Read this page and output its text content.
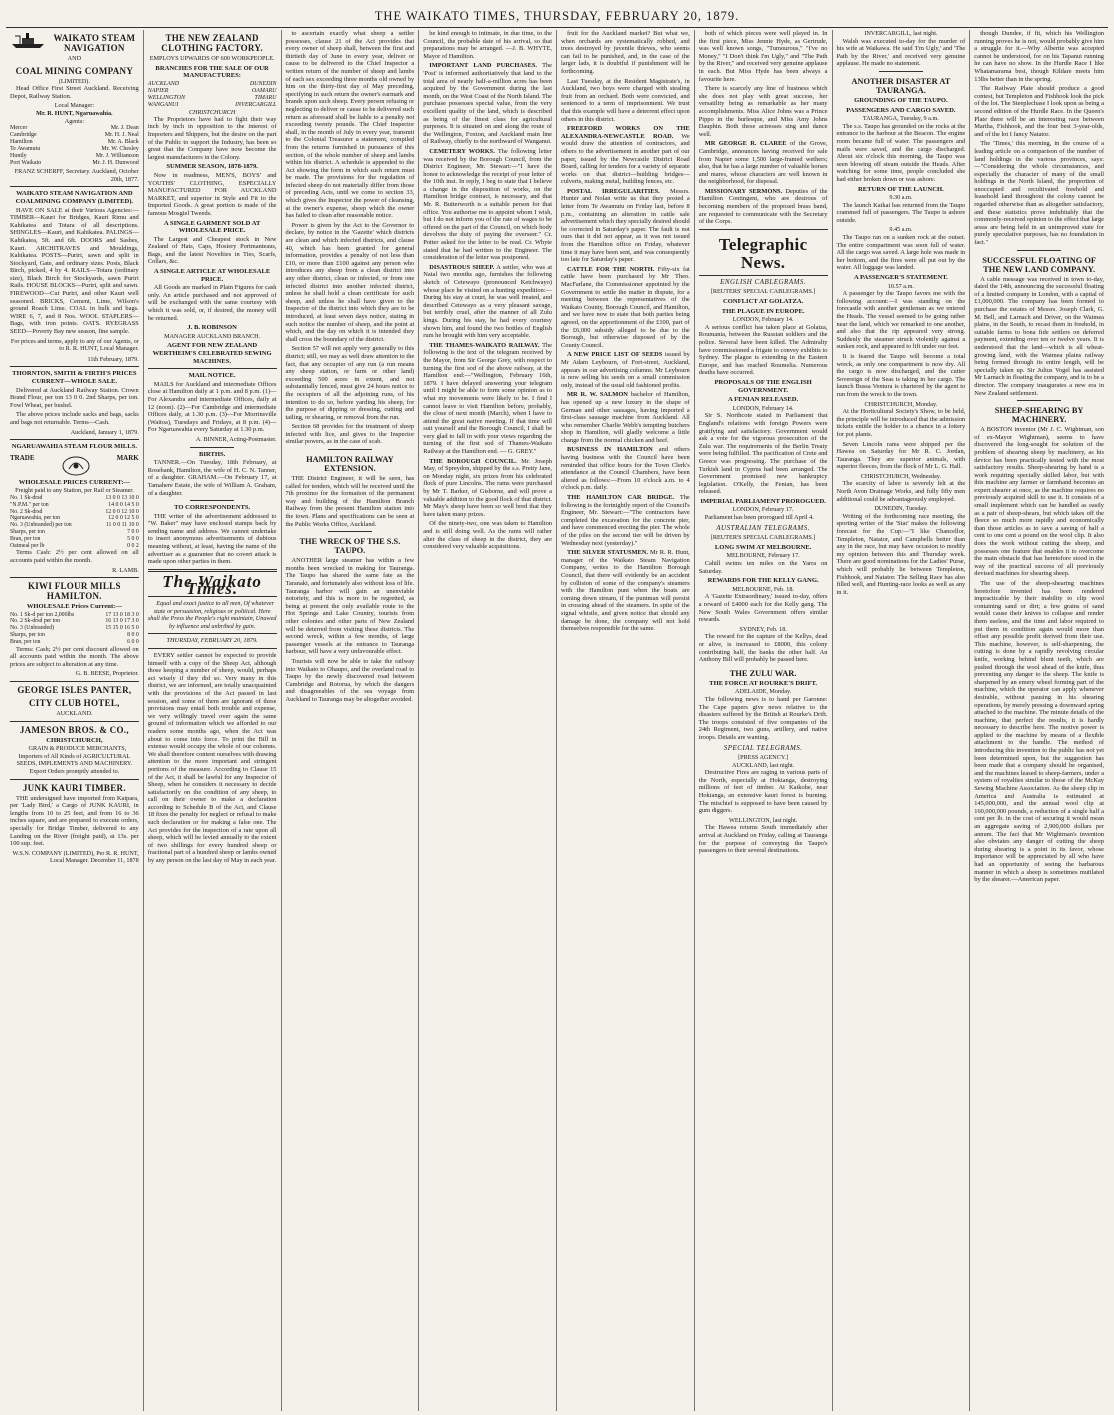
THE WAIKATO TIMES, THURSDAY, FEBRUARY 20, 1879.
WAIKATO STEAM NAVIGATION
AND
COAL MINING COMPANY
(LIMITED).

Head Office First Street Auckland. Receiving Depot, Railway Station.

Local Manager:
Mr. R. HUNT, Ngaruawahia.
Agents:
Mercer	Mr. J. Dean
Cambridge	Mr. H. J. Neal
Hamilton	Mr. A. Black
Te Awamutu	Mr. W. Chesley
Huntly	Mr. J. Williamson
Port Waikato	Mr. J. H. Dunwood
FRANZ SCHERFF, Secretary. Auckland, October 20th, 1877.
WAIKATO STEAM NAVIGATION AND COALMINING COMPANY (LIMITED).

HAVE ON SALE at their Various Agencies:— TIMBER—Kauri for Bridges, Kauri Rimu and Kahikatea and Totara of all descriptions. SHINGLES—Kauri, and Kahikatea. PALINGS—Kahikatea, 5ft. and 6ft. DOORS and Sashes, Kauri. ARCHITRAVES and Mouldings, Kahikatea. POSTS—Puriri, sawn and split in Stockyard, Gate, and ordinary sizes. Posts, Black Birch, picked, 4 by 4. RAILS—Totara (ordinary size), Black Birch for Stockyards, sawn Puriri Rails. HOUSE BLOCKS—Puriri, split and sawn. FIREWOOD—Cut Puriri, and other Kauri well seasoned. BRICKS, Cement, Lime, Wilson's ground Roach Lime. COAL in bulk and bags. WIRE 6, 7, and 8 Nos. WOOL STAPLERS—Bags, with iron points. OATS. RYEGRASS SEED—Poverty Bay new season, fine sample.

For prices and terms, apply to any of our Agents, or to R. R. HUNT, Local Manager.
11th February, 1879.
THORNTON, SMITH & FIRTH'S PRICES CURRENT—WHOLE SALE.

Delivered at Auckland Railway Station. Crown Brand Flour, per ton 13 0 0. 2nd Sharps, per ton. Fowl Wheat, per bushel.

The above prices include sacks and bags, sacks and bags not returnable. Terms—Cash.

Auckland, January 1, 1879.
NGARUAWAHIA STEAM FLOUR MILLS.
TRADE	MARK
WHOLESALE PRICES CURRENT:—
Freight paid to any Station, per Rail or Steamer.
No. 1 Sk-drsd	13 0 0 13 10 0
"N.P.M." per ton	14 0 0 14 5 0
No. 2 Sk-drsd	12 0 0 12 10 0
Ngaruawahia, per ton	12 0 0 12 5 0
No. 3 (Unbranded) per ton	11 0 0 11 10 0
Sharps, per ton	7 0 0
Bran, per ton	5 0 0
Oatmeal per lb	0 0 2

Terms Cash: 2½ per cent allowed on all accounts paid within the month.

R. LAMB.
KIWI FLOUR MILLS HAMILTON.
WHOLESALE Prices Current:—
No. 1 Sk-d per ton 2,000lbs	17 13 0 18 3 0
No. 2 Sk-drsd per ton	16 13 0 17 3 0
No. 3 (Unbranded)	15 15 0 16 5 0
Sharps, per ton	8 0 0
Bran, per ton	6 0 0

Terms: Cash; 2½ per cent discount allowed on all accounts paid within the month. The above prices are subject to alteration at any time.

G. B. BEESE, Proprietor.
GEORGE ISLES PANTER,
CITY CLUB HOTEL,
AUCKLAND.
JAMESON BROS. & CO.,
CHRISTCHURCH,

GRAIN & PRODUCE MERCHANTS, Importers of All Kinds of AGRICULTURAL SEEDS, IMPLEMENTS AND MACHINERY. Export Orders promptly attended to.

JUNK KAURI TIMBER.

THE undersigned have imported from Kaipara, per 'Lady Bird,' a Cargo of JUNK KAURI, in lengths from 10 to 25 feet, and from 16 to 36 inches square, and are prepared to execute orders, specially for Bridge Timber, delivered to any Landing on the River (freight paid), at 13s. per 100 sup. feet.

W.S.N. COMPANY (LIMITED), Per R. R. HUNT, Local Manager. December 11, 1878
THE NEW ZEALAND CLOTHING FACTORY.
EMPLOYS UPWARDS OF 600 WORKPEOPLE.
BRANCHES FOR THE SALE OF OUR MANUFACTURES:
AUCKLAND	DUNEDIN
NAPIER	OAMARU
WELLINGTON	TIMARU
WANGANUI	INVERCARGILL
CHRISTCHURCH

The Proprietors have had to fight their way inch by inch in opposition to the interest of Importers and Shippers, but the desire on the part of the Public to support the Industry, has been so great that the Company have now become the largest manufacturers in the Colony.

SUMMER SEASON, 1878-1879.

Now in readiness, MEN'S, BOYS' and YOUTHS' CLOTHING, ESPECIALLY MANUFACTURED FOR AUCKLAND MARKET, and superior in Style and Fit to the Imported Goods. A great portion is made of the famous Mosgiel Tweeds.

A SINGLE GARMENT SOLD AT WHOLESALE PRICE.

The Largest and Cheapest stock in New Zealand of Hats, Caps, Hosiery Portmanteaus, Bags, and the latest Novelties in Ties, Scarfs, Collars, &c.

A SINGLE ARTICLE AT WHOLESALE PRICE.

All Goods are marked in Plain Figures for cash only. An article purchased and not approved of will be exchanged with the same courtesy with which it was sold, or, if desired, the money will be returned.

J. B. ROBINSON
MANAGER AUCKLAND BRANCH.
AGENT FOR NEW ZEALAND WERTHEIM'S CELEBRATED SEWING MACHINES.
MAIL NOTICE.

MAILS for Auckland and intermediate Offices close at Hamilton daily at 1 p.m. and 8 p.m. (1)—For Alexandra and intermediate Offices, daily at 12 (noon). (2)—For Cambridge and intermediate Offices daily, at 1.30 p.m. (3)—For Morrinsville (Waitoa), Tuesdays and Fridays, at 8 p.m. (4)—For Ngaruawahia every Saturday at 1.30 p.m.

A. BINNER, Acting-Postmaster.
BIRTHS.

TANNER.—On Tuesday, 18th February, at Rosebank, Hamilton, the wife of H. C. N. Tanner, of a daughter. GRAHAM.—On February 17, at Tamahere Estate, the wife of William A. Graham, of a daughter.

TO CORRESPONDENTS.

THE writer of the advertisement addressed to "W. Baker" may have enclosed stamps back by sending name and address. We cannot undertake to insert anonymous advertisements of dubious meaning without, at least, having the name of the advertiser as a guarantee that no covert attack is made upon other parties in them.

The Waikato Times.

Equal and exact justice to all men, Of whatever state or persuasion, religious or political. Here shall the Press the People's right maintain, Unawed by influence and unbribed by gain.

THURSDAY, FEBRUARY 20, 1879.

EVERY settler cannot be expected to provide himself with a copy of the Sheep Act, although those keeping a number of sheep, would, perhaps act wisely if they did so. Very many in this district, we are informed, are totally unacquainted with the provisions of the Act passed in last session, and some of them are ignorant of these provisions may entail both trouble and expense, we very willingly travel over again the same ground of information which we afforded to our readers some months ago, when the Act was about to come into force. To print the Bill in extenso would occupy the whole of our columns. We shall therefore content ourselves with drawing attention to the more important and stringent portions of the measure. According to Clause 15 of the Act, it shall be lawful for any Inspector of Sheep, when he considers it necessary to decide satisfactorily on the condition of any sheep, to call on their owner to make a declaration according to Schedule B of the Act, and Clause 18 fixes the penalty for neglect or refusal to make such declaration or for making a false one. The Act provides for the inspection of a rate upon all sheep, which will be levied annually to the extent of two shillings for every hundred sheep or fractional part of a hundred sheep or lambs owned by any person on the last day of May in each year.

to ascertain exactly what sheep a settler possesses, clause 21 of the Act provides that every owner of sheep shall, between the first and thirtieth day of June in every year, deliver or cause to be delivered to the Chief Inspector a written return of the number of sheep and lambs of each sex exceeding three months old owned by him on the thirty-first day of May preceding, specifying in such return the owner's earmark and brands upon such sheep. Every person refusing or neglecting to deliver or cause to be delivered such return as aforesaid shall be liable to a penalty not exceeding twenty pounds. The Chief Inspector shall, in the month of July in every year, transmit to the Colonial Treasurer a statement, compiled from the returns furnished in pursuance of this section, of the whole number of sheep and lambs within his district. A schedule is appended to the Act showing the form in which such return must be made. The provisions for the regulation of infected sheep do not materially differ from those of preceding Acts, until we come to section 33, which gives the Inspector the power of cleansing, at the owner's expense, sheep which the owner has failed to clean after reasonable notice.

Power is given by the Act to the Governor to declare, by notice in the 'Gazette' which districts are clean and which infected districts, and clause 40, which has been granted for general information, provides a penalty of not less than £10, or more than £100 against any person who introduces any sheep from a clean district into any other district, clean or infected, or from one infected district into another infected district, unless he shall hold a clean certificate for such sheep, and unless he shall have given to the Inspector of the district into which they are to be introduced, at least seven days notice, stating in such notice the number of sheep, and the point at which, and the day on which it is intended they shall cross the boundary of the district.

Section 57 will not apply very generally to this district; still, we may as well draw attention to the fact, that any occupier of any run (a run means any sheep station, or farm or other land) exceeding 500 acres in extent, and not substantially fenced, must give 24 hours notice to the occupiers of all the adjoining runs, of his intention to do so, before yarding his sheep, for the purpose of dipping or dressing, cutting and tailing, or shearing, or removal from the run.

Section 68 provides for the treatment of sheep infected with lice, and gives to the Inspector similar powers, as in the case of scab.

HAMILTON RAILWAY EXTENSION.

THE District Engineer, it will be seen, has called for tenders, which will be received until the 7th proximo for the formation of the permanent way and building of the Hamilton Branch Railway from the present Hamilton station into the town. Plans and specifications can be seen at the Public Works Office, Auckland.

THE WRECK OF THE S.S. TAUPO.

ANOTHER large steamer has within a few months been wrecked in making for Tauranga. The Taupo has shared the same fate as the Taranaki, and fortunately also without loss of life. Tauranga harbor will gain an unenviable notoriety, and this is more to be regretted, as being at present the only available route to the Hot Springs and Lake Country, tourists from other colonies and other parts of New Zealand will be deterred from visiting these districts. The second wreck, within a few months, of large passenger vessels at the entrance to Tauranga harbour, will have a very unfavourable effect.

Tourists will now be able to take the railway into Waikato to Ohaupo, and the overland road to Taupo by the newly discovered road between Cambridge and Rotorua, by which the dangers and disagreeables of the sea voyage from Auckland to Tauranga may be altogether avoided.

be kind enough to intimate, in due time, to the Council, the probable date of his arrival, so that preparations may be arranged. —J. B. WHYTE, Mayor of Hamilton.

IMPORTANT LAND PURCHASES. The 'Post' is informed authoritatively that land to the total area of nearly half-a-million acres has been acquired by the Government during the last month, on the West Coast of the North Island. The purchase possesses special value, from the very excellent quality of the land, which is described as being of the finest class for agricultural purposes. It is situated on and along the route of the Wellington, Foxton, and Auckland main line of Railway, chiefly to the northward of Wanganui.

CEMETERY WORKS. The following letter was received by the Borough Council, from the District Engineer, Mr. Stewart:—"I have the honor to acknowledge the receipt of your letter of the 10th inst. In reply, I beg to state that I believe a change in the disposition of works, on the Hamilton bridge contract, is necessary, and that Mr. R. Butterworth is a suitable person for that office. You authorise me to appoint whom I wish, but I do not inform you of the rate of wages to be offered on the part of the Council, on which body devolves the duty of paying the overseer." Cr. Potter asked for the letter to be read. Cr. Whyte stated that he had written to the Engineer. The consideration of the letter was postponed.

DISASTROUS SHEEP. A settler, who was at Natal two months ago, furnishes the following sketch of Cetewayo (pronounced Ketchwayo) whose place he visited on a hunting expedition:—During his stay at court, he was well treated, and described Cetewayo as a very pleasant savage, but terribly cruel, after the manner of all Zulu kings. During his stay, he had every courtesy shown him, and found the two bottles of English rum he brought with him very acceptable.

THE THAMES-WAIKATO RAILWAY. The following is the text of the telegram received by the Mayor, from Sir George Grey, with respect to turning the first sod of the above railway, at the Hamilton end:—"Wellington, February 16th, 1879. I have delayed answering your telegram until I might be able to form some opinion as to what my movements were likely to be. I find I cannot leave to visit Hamilton before, probably, the close of next month (March), when I have to attend the great native meeting. If that time will suit yourself and the Borough Council, I shall be very glad to fall in with your views regarding the turning of the first sod of Thames-Waikato Railway at the Hamilton end. — G. GREY."

THE BOROUGH COUNCIL. Mr. Joseph May, of Spreydon, shipped by the s.s. Pretty Jane, on Monday night, six prizes from his celebrated flock of pure Lincolns. The rams were purchased by Mr T. Barker, of Gisborne, and will prove a valuable addition to the good flock of that district. Mr May's sheep have been so well bred that they have taken many prizes.

Of the ninety-two, one was taken to Hamilton and is still doing well. As the rams will rather alter the class of sheep in the district, they are considered very valuable acquisitions.

fruit for the Auckland market? But what we, when orchards are systematically robbed, and trees destroyed by juvenile thieves, who seems can fail to be punished, and, in the case of the larger lads, it is doubtful if punishment will be forthcoming.

Last Tuesday, at the Resident Magistrate's, in Auckland, two boys were charged with stealing fruit from an orchard. Both were convicted, and sentenced to a term of imprisonment. We trust that this example will have a deterrent effect upon others in this district.

FREEFORD WORKS ON THE ALEXANDRA-NEWCASTLE ROAD. We would draw the attention of contractors, and others to the advertisement in another part of our paper, issued by the Newcastle District Road Board, calling for tenders for a variety of separate works on that district—building bridges—culverts, making metal, building fences, etc.

POSTAL IRREGULARITIES. Messrs. Hunter and Nolan write us that they posted a letter from Te Awamutu on Friday last, before 8 p.m., containing an alteration in cattle sale advertisement which they specially desired should be corrected in Saturday's paper. The fault is not ours that it did not appear, as it was not issued from the Hamilton office on Friday, whatever time it may have been sent, and was consequently too late for Saturday's paper.

CATTLE FOR THE NORTH. Fifty-six fat cattle have been purchased by Mr Theo. MacFarlane, the Commissioner appointed by the Government to settle the matter in dispute, for a meeting between the representatives of the Waikato County, Borough Council, and Hamilton, and we have now to state that both parties being agreed, on the apportionment of the £100, part of the £6,000 subsidy alleged to be due to the Borough, but otherwise disposed of by the County Council.

A NEW PRICE LIST OF SEEDS issued by Mr Adam Leybourn, of Fort-street, Auckland, appears in our advertising columns. Mr Leybourn is now selling his seeds on a small commission only, instead of the usual old fashioned profits.

MR R. W. SALMON bachelor of Hamilton, has opened up a new luxury in the shape of German and other sausages, having imported a first-class sausage machine from Auckland. All who remember Charlie Webb's tempting butchers shop in Hamilton, will gladly welcome a little change from the normal chicken and beef.

BUSINESS IN HAMILTON and others having business with the Council have been reminded that office hours for the Town Clerk's attendance at the Council Chambers, have been altered as follows:—From 10 o'clock a.m. to 4 o'clock p.m. daily.

THE HAMILTON CAR BRIDGE. The following is the fortnightly report of the Council's Engineer, Mr. Stewart:—"The contractors have completed the excavation for the concrete pier, and have commenced erecting the pier. The whole of the piles on the second tier will be driven by Wednesday next (yesterday)."

THE SILVER STATUSMEN. Mr R. R. Hunt, manager of the Waikato Steam Navigation Company, writes to the Hamilton Borough Council, that there will evidently be an accident by collision of some of the company's steamers with the Hamilton punt when the boats are coming down stream, if the puntman will persist in crossing ahead of the steamers. In spite of the signal whistle, and given notice that should any damage be done, the company will not hold themselves responsible for the same.

both of which pieces were well played in. In the first piece, Miss Jennie Hyde, as Gertrude, was well known songs, "Tumourous," "I've no Money," "I Don't think I'm Ugly," and "The Path by the River," and received very genuine applause in each. But Miss Hyde has been always a favourite here.

There is scarcely any line of business which she does not play with great success, her versatility being as remarkable as her many accomplishments. Miss Alice Johns was a Prince Pippo in the burlesque, and Miss Amy Johns Dauphin. Both these actresses sing and dance well.

MR GEORGE R. CLAREE of the Grove, Cambridge, announces having received for sale from Napier some 1,500 large-framed wethers; also, that he has a large number of valuable horses and mares, whose characters are well known in the neighborhood, for disposal.

MISSIONARY SERMONS. Deputies of the Hamilton Contingent, who are desirous of becoming members of the proposed brass band, are requested to communicate with the Secretary of the Corps.

Telegraphic News.
ENGLISH CABLEGRAMS.
[REUTERS' SPECIAL CABLEGRAMS.]
CONFLICT AT GOLATZA.
THE PLAGUE IN EUROPE.
LONDON, February 14.

A serious conflict has taken place at Golatza, Roumania, between the Russian soldiers and the police. Several have been killed. The Admiralty have commissioned a frigate to convey exhibits to Sydney. The plague is extending in the Eastern Europe, and has reached Roumelia. Numerous deaths have occurred.

PROPOSALS OF THE ENGLISH GOVERNMENT.
A FENIAN RELEASED.
LONDON, February 14.

Sir S. Northcote stated in Parliament that England's relations with foreign Powers were gratifying and satisfactory. Government would ask a vote for the vigorous prosecution of the Zulu war. The requirements of the Berlin Treaty were being fulfilled. The pacification of Crete and Greece was progressing. The purchase of the Turkish land in Cyprus had been arranged. The Government promised new bankruptcy legislation. O'Kelly, the Fenian, has been released.

IMPERIAL PARLIAMENT PROROGUED.
LONDON, February 17.

Parliament has been prorogued till April 4.

AUSTRALIAN TELEGRAMS.
[REUTER'S SPECIAL CABLEGRAMS.]
LONG SWIM AT MELBOURNE.
MELBOURNE, February 17.

Cahill swims ten miles on the Yarra on Saturday.

REWARDS FOR THE KELLY GANG.
MELBOURNE, Feb. 18.

A 'Gazette Extraordinary,' issued to-day, offers a reward of £4000 each for the Kelly gang. The New South Wales Government offers similar rewards.

SYDNEY, Feb. 18.

The reward for the capture of the Kellys, dead or alive, is increased to £8000, this colony contributing half, the banks the other half. An Anthony Bill will probably be passed here.

THE ZULU WAR.
THE FORCE AT ROURKE'S DRIFT.
ADELAIDE, Monday.

The following news is to hand per Garonne: The Cape papers give news relative to the disasters suffered by the British at Rourke's Drift. The troops consisted of five companies of the 24th Regiment, two guns, artillery, and native troops. Details are wanting.

SPECIAL TELEGRAMS.
[PRESS AGENCY.]
AUCKLAND, last night.

Destructive Fires are raging in various parts of the North, especially at Hokianga, destroying millions of feet of timber. At Kaikohe, near Hokianga, an extensive kauri forest is burning. The mischief is supposed to have been caused by gum diggers.

WELLINGTON, last night.

The Hawea returns South immediately after arrival at Auckland on Friday, calling at Tauranga for the purpose of conveying the Taupo's passengers to their several destinations.

INVERCARGILL, last night.

Walsh was executed to-day for the murder of his wife at Waikawa. He said 'I'm Ugly,' and 'The Path by the River,' and received very genuine applause. He made no statement.

ANOTHER DISASTER AT TAURANGA.
GROUNDING OF THE TAUPO.
PASSENGERS AND CARGO SAVED.
TAURANGA, Tuesday, 9 a.m.

The s.s. Taupo has grounded on the rocks at the entrance to the harbour at the Beacon. The engine room became full of water. The passengers and mails were saved, and the cargo discharged. About six o'clock this morning, the Taupo was seen blowing off steam outside the Heads. After watching for some time, people concluded she had either broken down or was ashore.

RETURN OF THE LAUNCH.
9.30 a.m.

The launch Kaikai has returned from the Taupo crammed full of passengers. The Taupo is ashore outside.

9.45 a.m.

The Taupo ran on a sunken rock at the outset. The entire compartment was soon full of water. All the cargo was saved. A large hole was made in her bottom, and the fires were all put out by the water. All luggage was landed.

A PASSENGER'S STATEMENT.
10.57 a.m.

A passenger by the Taupo favors me with the following account:—I was standing on the forecastle with another gentleman as we entered the Heads. The vessel seemed to be going rather near the land, which we remarked to one another, and also that the rip appeared very strong. Suddenly the steamer struck violently against a sunken rock, and appeared to lift under our feet.

It is feared the Taupo will become a total wreck, as only one compartment is now dry. All the cargo is now discharged, and the cutter Sovereign of the Seas is taking in her cargo. The launch Bussa Ventura is chartered by the agent to run from the wreck to the town.

CHRISTCHURCH, Monday.

At the Horticultural Society's Show, to be held, the principle will be introduced that the admission tickets entitle the holder to a chance in a lottery for pot plants.

Seven Lincoln rams were shipped per the Hawea on Saturday for Mr R. C. Jordan, Tauranga. They are superior animals, with superior fleeces, from the flock of Mr L. G. Hall.

CHRISTCHURCH, Wednesday.

The scarcity of labor is severely felt at the North Avon Drainage Works, and fully fifty men additional could be advantageously employed.

DUNEDIN, Tuesday.

Writing of the forthcoming race meeting, the sporting writer of the 'Star' makes the following forecast for the Cup:—"I like Chancellor, Templeton, Natator, and Campbells better than any in the race, but may have occasion to modify my opinion between this and Thursday week. There are good nominations for the Ladies' Purse, which will probably lie between Templeton, Fishhook, and Natator. The Selling Race has also filled well, and Hunting-race looks as well as any in it.

though Dundee, if fit, which his Wellington running proves he is not, would probably give him a struggle for it.—Why Albertie was accepted cannot be understood, for on his Tapanui running he can have no show. In the Hurdle Race I like Whatamarama best, though Kildare meets him 13lbs better than in the spring.

The Railway Plate should produce a good contest, but Templeton and Fishhook look the pick of the lot. The Steeplechase I look upon as being a second edition of the Hurdle Race. In the Queen's Plate there will be an interesting race between Martha, Fishhook, and the four best 3-year-olds, and of the lot I fancy Natator.

The 'Times,' this morning, in the course of a leading article on a comparison of the number of land holdings in the various provinces, says:—"Considering the whole circumstances, and especially the character of many of the small holdings in the North Island, the proportion of unoccupied and recultivated freehold and leasehold land throughout the colony cannot be regarded otherwise than as altogether satisfactory, and these statistics prove indubitably that the commonly-received opinion to the effect that large areas are being held in an unimproved state for purely speculative purposes, has no foundation in fact."

SUCCESSFUL FLOATING OF THE NEW LAND COMPANY.

A cable message was received in town to-day, dated the 14th, announcing the successful floating of a limited company in London, with a capital of £1,000,000. The company has been formed to purchase the estates of Messrs. Joseph Clark, G. M. Bell, and Larnach and Driver, on the Waimea plains, in the South, to recast them in freehold, in suitable farms to bona fide settlers on deferred payment, extending over ten or twelve years. It is understood that the land—which is all wheat-growing land, with the Waimea plains railway being formed through its entire length, will be specially taken up. Sir Julius Vogel has assisted Mr Larnach in floating the company, and is to be a director. The company inaugurates a new era in New Zealand settlement.

SHEEP-SHEARING BY MACHINERY.

A BOSTON inventor (Mr J. C. Wightman, son of ex-Mayor Wightman), seems to have discovered the long-sought for solution of the problem of shearing sheep by machinery, as his device has been practically tested with the most satisfactory results. Sheep-shearing by hand is a work requiring specially skilled labor, but with this machine any farmer or farmhand becomes an expert shearer at once, as the machine requires no previously acquired skill to use it. It consists of a small implement which can be handled as easily as a pair of sheep-shears, but which takes off the fleece so much more rapidly and economically than those articles as to save a saving of half a cent to one cent a pound on the wool clip. It also does the work without cutting the sheep, and possesses one feature that enables it to overcome the main obstacle that has heretofore stood in the way of the practical success of all previously devised machines for shearing sheep.

The use of the sheep-shearing machines heretofore invented has been rendered impracticable by their inability to clip wool containing sand or dirt; a few grains of sand would cause their knives to collapse and render them useless, and the time and labor required to put them in condition again would more than offset any possible profit derived from their use. This machine, however, is self-sharpening, the cutting is done by a rapidly revolving circular knife, working behind blunt teeth, which are pushed through the wool ahead of the knife, thus preventing any danger to the sheep. The knife is sharpened by an emery wheel forming part of the machine, which the operator can apply whenever desirable, without pausing in his shearing operations, by merely pressing a downward spring attached to the machine. The minute details of the machine, that perfect the results, it is hardly necessary to describe here. The motive power is applied to the machine by means of a flexible attachment to the handle. The method of introducing this invention to the public has not yet been determined upon, but the suggestion has been made that a company should be organised, and the machines leased to sheep-farmers, under a system of royalties similar to those of the McKay Sewing Machine Association. As the sheep clip in America and Australia is estimated at 145,000,000, and the annual wool clip at 160,000,000 pounds, a reduction of a single half a cent per lb. in the cost of securing it would mean an aggregate saving of 2,900,000 dollars per annum. The fact that Mr Wightman's invention also obviates any danger of cutting the sheep during shearing is a point in its favor, whose importance will be appreciated by all who have had an opportunity of seeing the barbarous manner in which a sheep is sometimes mutilated by the shearer.—American paper.
